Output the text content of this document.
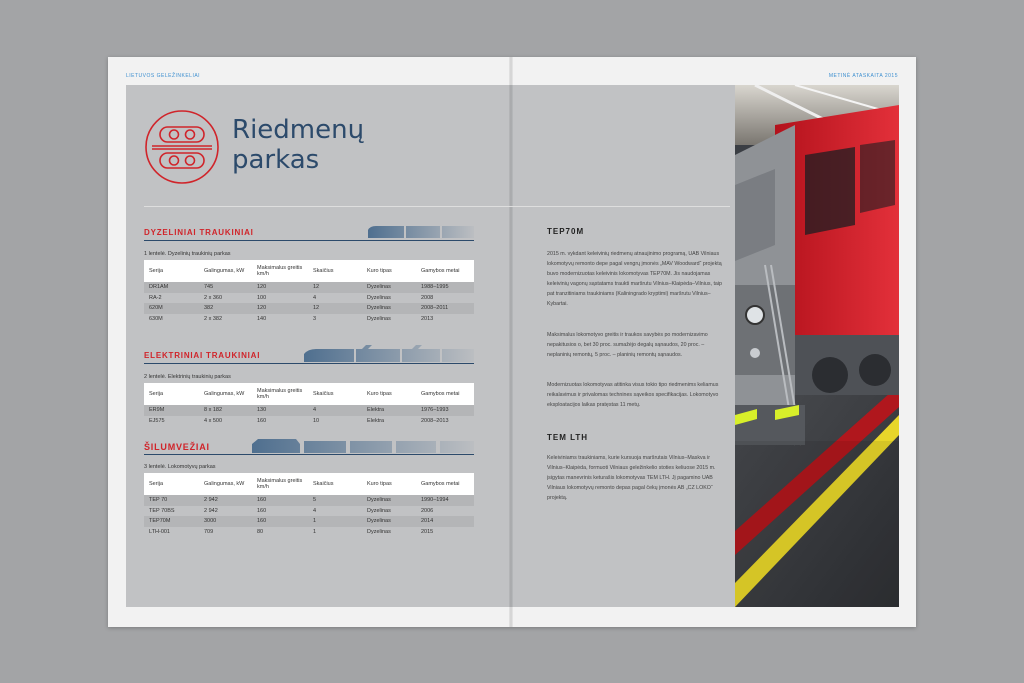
LIETUVOS GELEŽINKELIAI
Riedmenų
parkas
DYZELINIAI TRAUKINIAI
1 lentelė. Dyzelinių traukinių parkas
Serija	Galingumas, kW	Maksimalus greitis km/h	Skaičius	Kuro tipas	Gamybos metai
DR1AM	745	120	12	Dyzelinas	1988–1995
RA-2	2 x 360	100	4	Dyzelinas	2008
620M	382	120	12	Dyzelinas	2008–2011
630M	2 x 382	140	3	Dyzelinas	2013
ELEKTRINIAI TRAUKINIAI
2 lentelė. Elektrinių traukinių parkas
Serija	Galingumas, kW	Maksimalus greitis km/h	Skaičius	Kuro tipas	Gamybos metai
ER9M	8 x 182	130	4	Elektra	1976–1993
EJ575	4 x 500	160	10	Elektra	2008–2013
ŠILUMVEŽIAI
3 lentelė. Lokomotyvų parkas
Serija	Galingumas, kW	Maksimalus greitis km/h	Skaičius	Kuro tipas	Gamybos metai
TEP 70	2 942	160	5	Dyzelinas	1990–1994
TEP 70BS	2 942	160	4	Dyzelinas	2006
TEP70M	3000	160	1	Dyzelinas	2014
LTH-001	709	80	1	Dyzelinas	2015
METINĖ ATASKAITA 2015
TEP70M

2015 m. vykdant keleivinių riedmenų atnaujinimo programą, UAB Vilniaus lokomotyvų remonto depe pagal vengrų įmonės „MAV Woodward“ projektą buvo modernizuotas keleivinis lokomotyvas TEP70M. Jis naudojamas keleivinių vagonų sąstatams traukti maršrutu Vilnius–Klaipėda–Vilnius, taip pat tranzitiniams traukiniams (Kaliningrado kryptimi) maršrutu Vilnius–Kybartai.

Maksimalus lokomotyvo greitis ir traukos savybės po modernizavimo nepakitusios o, bet 30 proc. sumažėjo degalų sąnaudos, 20 proc. – neplaninių remontų, 5 proc. – planinių remontų sąnaudos.

Modernizuotas lokomotyvas atitinka visus tokio tipo riedmenims keliamus reikalavimus ir privalomas technines sąveikos specifikacijas. Lokomotyvo eksploatacijos laikas pratęstas 11 metų.

TEM LTH

Keleiviniams traukiniams, kurie kursuoja maršrutais Vilnius–Maskva ir Vilnius–Klaipėda, formuoti Vilniaus geležinkelio stoties keliuose 2015 m. įsigytas manevrinis keturašis lokomotyvas TEM LTH. Jį pagamino UAB Vilniaus lokomotyvų remonto depas pagal čekų įmonės AB „CZ LOKO“ projektą.
